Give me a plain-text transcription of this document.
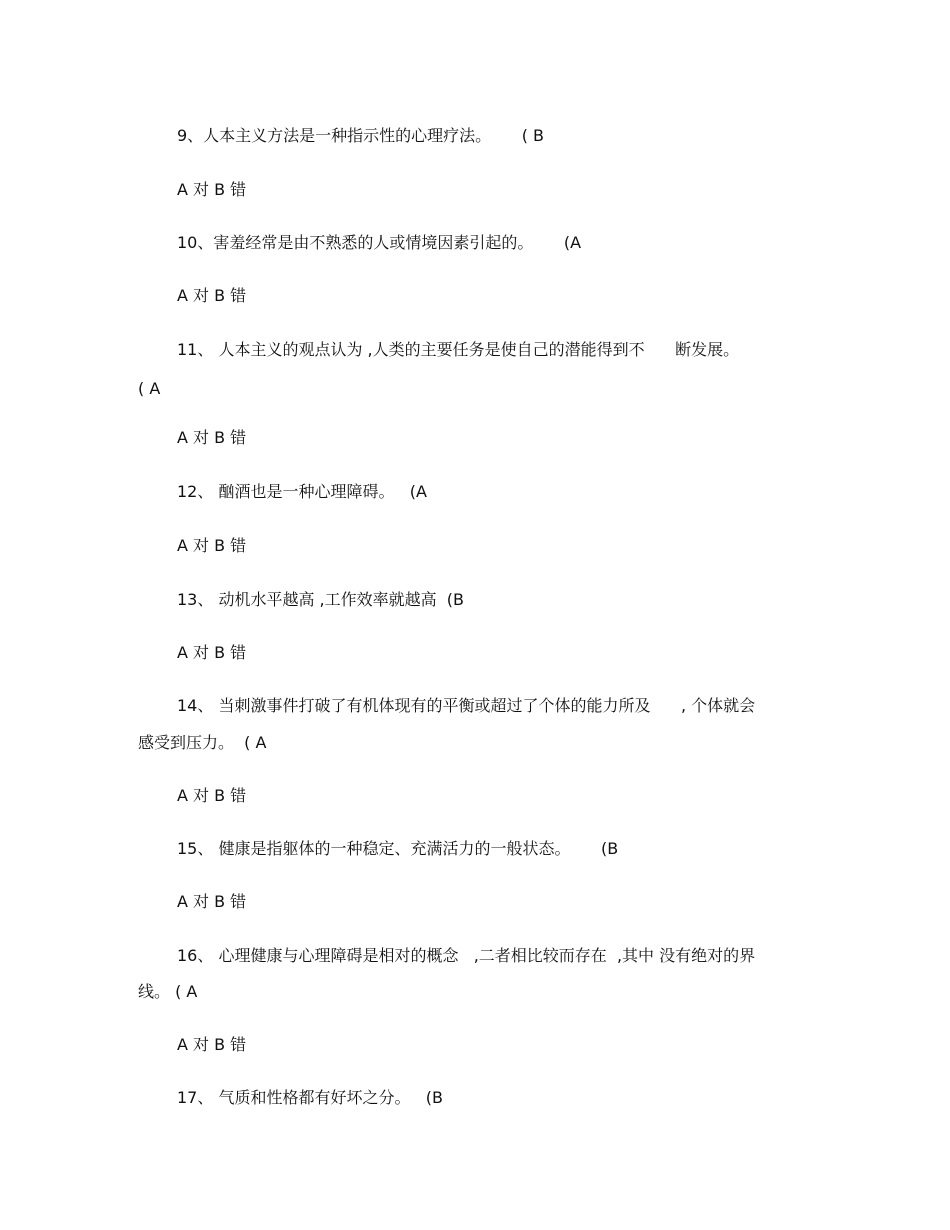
9、人本主义方法是一种指示性的心理疗法。      ( B
A 对 B 错
10、害羞经常是由不熟悉的人或情境因素引起的。      (A
A 对 B 错
11、 人本主义的观点认为 ,人类的主要任务是使自己的潜能得到不      断发展。
( A
A 对 B 错
12、 酗酒也是一种心理障碍。   (A
A 对 B 错
13、 动机水平越高 ,工作效率就越高  (B
A 对 B 错
14、 当刺激事件打破了有机体现有的平衡或超过了个体的能力所及      , 个体就会
感受到压力。  ( A
A 对 B 错
15、 健康是指躯体的一种稳定、充满活力的一般状态。      (B
A 对 B 错
16、 心理健康与心理障碍是相对的概念   ,二者相比较而存在  ,其中 没有绝对的界
线。 ( A
A 对 B 错
17、 气质和性格都有好坏之分。   (B
